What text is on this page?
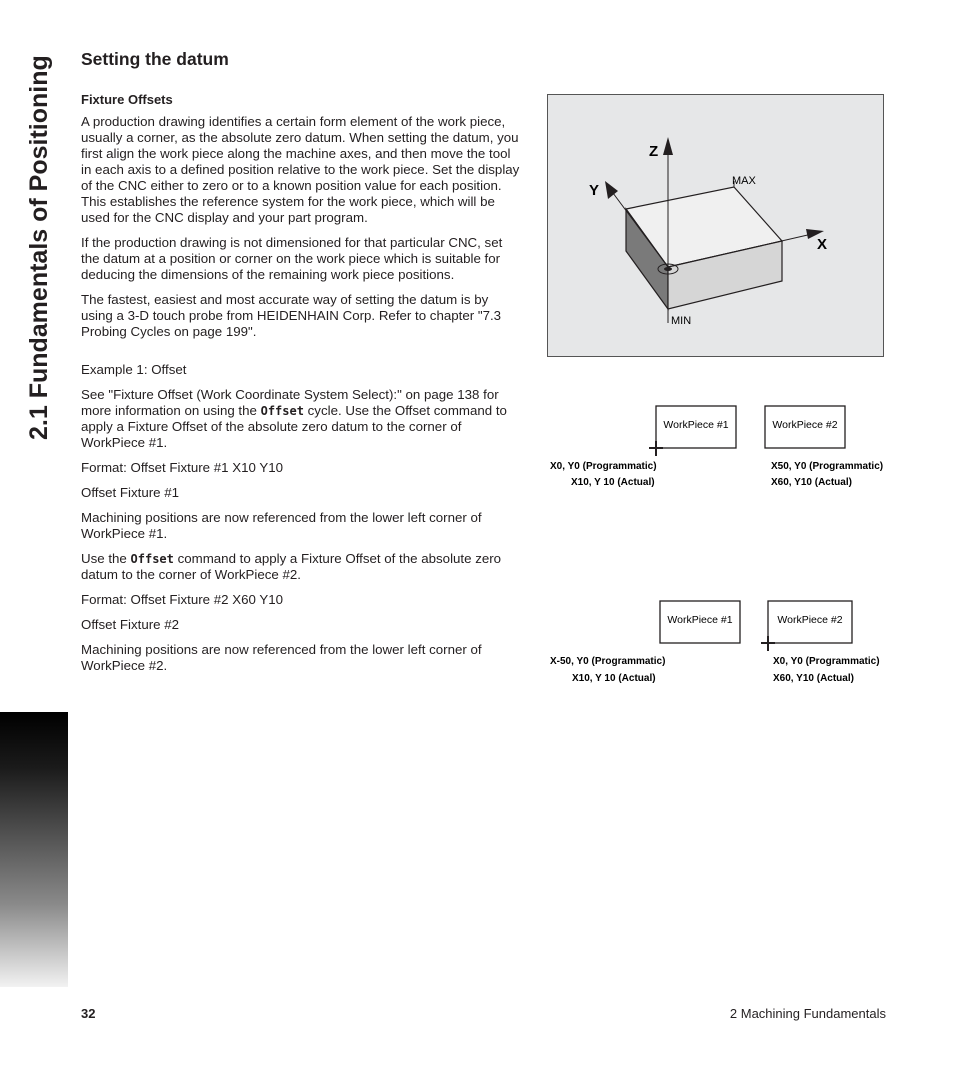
2.1 Fundamentals of Positioning Setting the datum
Fixture Offsets

A production drawing identifies a certain form element of the work piece, usually a corner, as the absolute zero datum. When setting the datum, you first align the work piece along the machine axes, and then move the tool in each axis to a defined position relative to the work piece. Set the display of the CNC either to zero or to a known position value for each position. This establishes the reference system for the work piece, which will be used for the CNC display and your part program.

If the production drawing is not dimensioned for that particular CNC, set the datum at a position or corner on the work piece which is suitable for deducing the dimensions of the remaining work piece positions.

The fastest, easiest and most accurate way of setting the datum is by using a 3-D touch probe from HEIDENHAIN Corp. Refer to chapter "7.3 Probing Cycles on page 199".

Example 1: Offset

See "Fixture Offset (Work Coordinate System Select):" on page 138 for more information on using the Offset cycle. Use the Offset command to apply a Fixture Offset of the absolute zero datum to the corner of WorkPiece #1.

Format: Offset Fixture #1 X10 Y10

Offset Fixture #1

Machining positions are now referenced from the lower left corner of WorkPiece #1.

Use the Offset command to apply a Fixture Offset of the absolute zero datum to the corner of WorkPiece #2.

Format: Offset Fixture #2 X60 Y10

Offset Fixture #2

Machining positions are now referenced from the lower left corner of WorkPiece #2.

Z
Y
X
MAX
MIN
WorkPiece #1	WorkPiece #2
X0, Y0 (Programmatic)
X10, Y 10 (Actual)
X50, Y0 (Programmatic)
X60, Y10 (Actual)
WorkPiece #1	WorkPiece #2
X-50, Y0 (Programmatic)
X10, Y 10 (Actual)
X0, Y0 (Programmatic)
X60, Y10 (Actual)
32	2 Machining Fundamentals
